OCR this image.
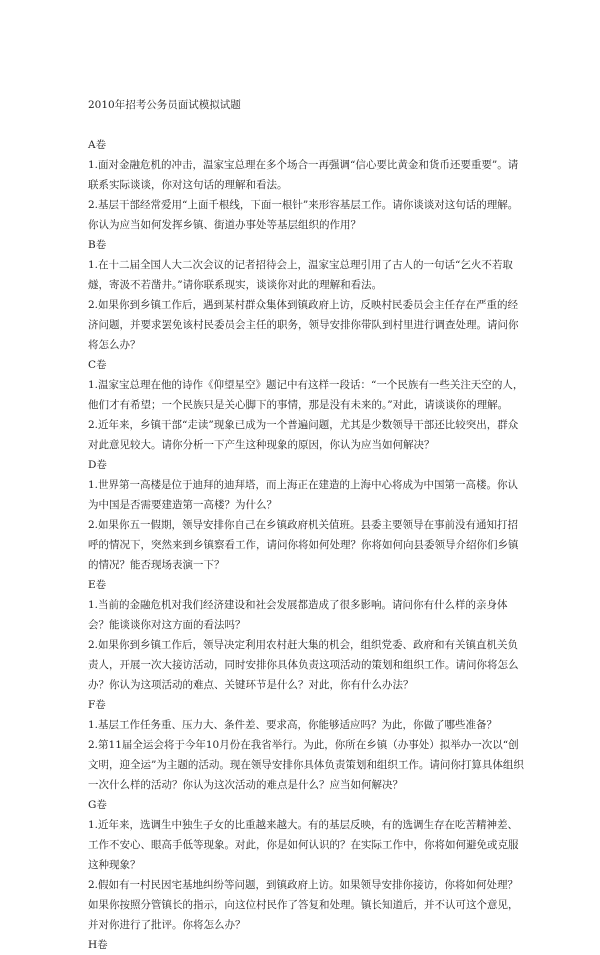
2010年招考公务员面试模拟试题

A卷

1.面对金融危机的冲击，温家宝总理在多个场合一再强调“信心要比黄金和货币还要重要”。请联系实际谈谈，你对这句话的理解和看法。

2.基层干部经常爱用“上面千根线，下面一根针”来形容基层工作。请你谈谈对这句话的理解。你认为应当如何发挥乡镇、街道办事处等基层组织的作用？

B卷

1.在十二届全国人大二次会议的记者招待会上，温家宝总理引用了古人的一句话“乞火不若取燧，寄汲不若凿井。”请你联系现实，谈谈你对此的理解和看法。

2.如果你到乡镇工作后，遇到某村群众集体到镇政府上访，反映村民委员会主任存在严重的经济问题，并要求罢免该村民委员会主任的职务，领导安排你带队到村里进行调查处理。请问你将怎么办？

C卷

1.温家宝总理在他的诗作《仰望星空》题记中有这样一段话：“一个民族有一些关注天空的人，他们才有希望；一个民族只是关心脚下的事情，那是没有未来的。”对此，请谈谈你的理解。

2.近年来，乡镇干部“走读”现象已成为一个普遍问题，尤其是少数领导干部还比较突出，群众对此意见较大。请你分析一下产生这种现象的原因，你认为应当如何解决？

D卷

1.世界第一高楼是位于迪拜的迪拜塔，而上海正在建造的上海中心将成为中国第一高楼。你认为中国是否需要建造第一高楼？为什么？

2.如果你五一假期，领导安排你自己在乡镇政府机关值班。县委主要领导在事前没有通知打招呼的情况下，突然来到乡镇察看工作，请问你将如何处理？你将如何向县委领导介绍你们乡镇的情况？能否现场表演一下？

E卷

1.当前的金融危机对我们经济建设和社会发展都造成了很多影响。请问你有什么样的亲身体会？能谈谈你对这方面的看法吗？

2.如果你到乡镇工作后，领导决定利用农村赶大集的机会，组织党委、政府和有关镇直机关负责人，开展一次大接访活动，同时安排你具体负责这项活动的策划和组织工作。请问你将怎么办？你认为这项活动的难点、关键环节是什么？对此，你有什么办法？

F卷

1.基层工作任务重、压力大、条件差、要求高，你能够适应吗？为此，你做了哪些准备？

2.第11届全运会将于今年10月份在我省举行。为此，你所在乡镇（办事处）拟举办一次以“创文明，迎全运”为主题的活动。现在领导安排你具体负责策划和组织工作。请问你打算具体组织一次什么样的活动？你认为这次活动的难点是什么？应当如何解决？

G卷

1.近年来，选调生中独生子女的比重越来越大。有的基层反映，有的选调生存在吃苦精神差、工作不安心、眼高手低等现象。对此，你是如何认识的？在实际工作中，你将如何避免或克服这种现象？

2.假如有一村民因宅基地纠纷等问题，到镇政府上访。如果领导安排你接访，你将如何处理？如果你按照分管镇长的指示，向这位村民作了答复和处理。镇长知道后，并不认可这个意见，并对你进行了批评。你将怎么办？

H卷
